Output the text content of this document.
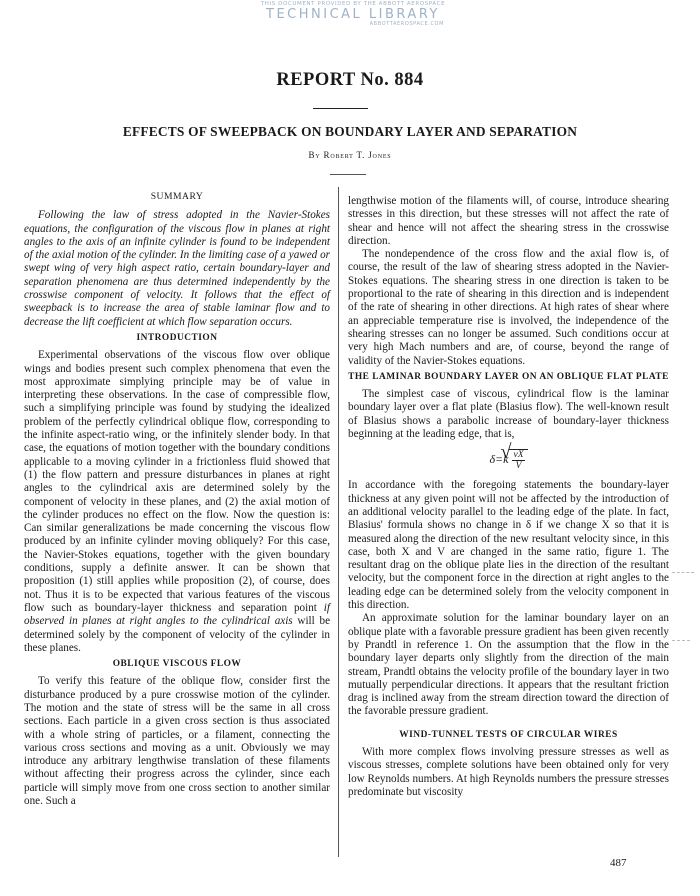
THIS DOCUMENT PROVIDED BY THE ABBOTT AEROSPACE
TECHNICAL LIBRARY
ABBOTTAEROSPACE.COM
REPORT No. 884
EFFECTS OF SWEEPBACK ON BOUNDARY LAYER AND SEPARATION
By Robert T. Jones
SUMMARY

Following the law of stress adopted in the Navier-Stokes equations, the configuration of the viscous flow in planes at right angles to the axis of an infinite cylinder is found to be independent of the axial motion of the cylinder. In the limiting case of a yawed or swept wing of very high aspect ratio, certain boundary-layer and separation phenomena are thus determined independently by the crosswise component of velocity. It follows that the effect of sweepback is to increase the area of stable laminar flow and to decrease the lift coefficient at which flow separation occurs.

INTRODUCTION

Experimental observations of the viscous flow over oblique wings and bodies present such complex phenomena that even the most approximate simplying principle may be of value in interpreting these observations. In the case of compressible flow, such a simplifying principle was found by studying the idealized problem of the perfectly cylindrical oblique flow, corresponding to the infinite aspect-ratio wing, or the infinitely slender body. In that case, the equations of motion together with the boundary conditions applicable to a moving cylinder in a frictionless fluid showed that (1) the flow pattern and pressure disturbances in planes at right angles to the cylindrical axis are determined solely by the component of velocity in these planes, and (2) the axial motion of the cylinder produces no effect on the flow. Now the question is: Can similar generalizations be made concerning the viscous flow produced by an infinite cylinder moving obliquely? For this case, the Navier-Stokes equations, together with the given boundary conditions, supply a definite answer. It can be shown that proposition (1) still applies while proposition (2), of course, does not. Thus it is to be expected that various features of the viscous flow such as boundary-layer thickness and separation point if observed in planes at right angles to the cylindrical axis will be determined solely by the component of velocity of the cylinder in these planes.

OBLIQUE VISCOUS FLOW

To verify this feature of the oblique flow, consider first the disturbance produced by a pure crosswise motion of the cylinder. The motion and the state of stress will be the same in all cross sections. Each particle in a given cross section is thus associated with a whole string of particles, or a filament, connecting the various cross sections and moving as a unit. Obviously we may introduce any arbitrary lengthwise translation of these filaments without affecting their progress across the cylinder, since each particle will simply move from one cross section to another similar one. Such a

lengthwise motion of the filaments will, of course, introduce shearing stresses in this direction, but these stresses will not affect the rate of shear and hence will not affect the shearing stress in the crosswise direction.

The nondependence of the cross flow and the axial flow is, of course, the result of the law of shearing stress adopted in the Navier-Stokes equations. The shearing stress in one direction is taken to be proportional to the rate of shearing in this direction and is independent of the rate of shearing in other directions. At high rates of shear where an appreciable temperature rise is involved, the independence of the shearing stresses can no longer be assumed. Such conditions occur at very high Mach numbers and are, of course, beyond the range of validity of the Navier-Stokes equations.

THE LAMINAR BOUNDARY LAYER ON AN OBLIQUE FLAT PLATE

The simplest case of viscous, cylindrical flow is the laminar boundary layer over a flat plate (Blasius flow). The well-known result of Blasius shows a parabolic increase of boundary-layer thickness beginning at the leading edge, that is,

δ=k √ $\frac{\nu X}{V}$

In accordance with the foregoing statements the boundary-layer thickness at any given point will not be affected by the introduction of an additional velocity parallel to the leading edge of the plate. In fact, Blasius' formula shows no change in δ if we change X so that it is measured along the direction of the new resultant velocity since, in this case, both X and V are changed in the same ratio, figure 1. The resultant drag on the oblique plate lies in the direction of the resultant velocity, but the component force in the direction at right angles to the leading edge can be determined solely from the velocity component in this direction.

An approximate solution for the laminar boundary layer on an oblique plate with a favorable pressure gradient has been given recently by Prandtl in reference 1. On the assumption that the flow in the boundary layer departs only slightly from the direction of the main stream, Prandtl obtains the velocity profile of the boundary layer in two mutually perpendicular directions. It appears that the resultant friction drag is inclined away from the stream direction toward the direction of the favorable pressure gradient.

WIND-TUNNEL TESTS OF CIRCULAR WIRES

With more complex flows involving pressure stresses as well as viscous stresses, complete solutions have been obtained only for very low Reynolds numbers. At high Reynolds numbers the pressure stresses predominate but viscosity

487
